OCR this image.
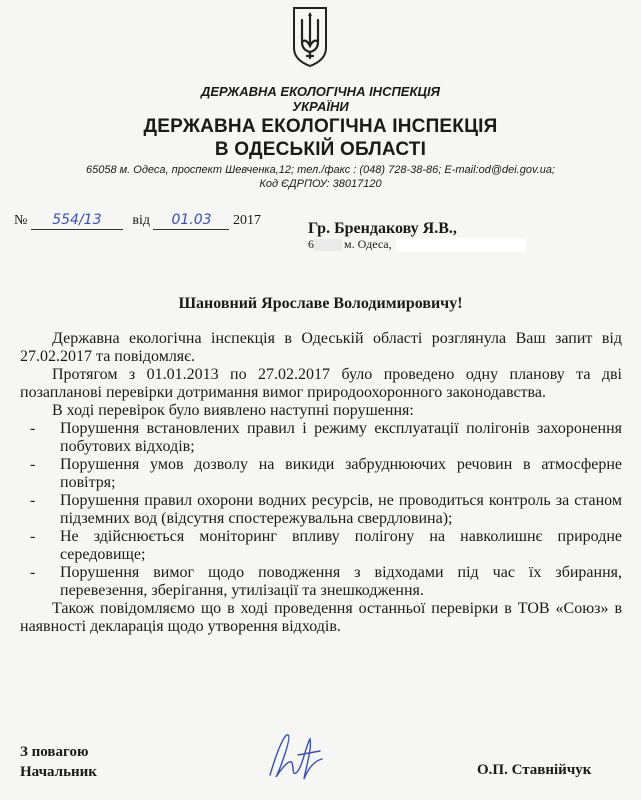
ДЕРЖАВНА ЕКОЛОГІЧНА ІНСПЕКЦІЯ
УКРАЇНИ
ДЕРЖАВНА ЕКОЛОГІЧНА ІНСПЕКЦІЯ
В ОДЕСЬКІЙ ОБЛАСТІ
65058 м. Одеса, проспект Шевченка,12; тел./факс : (048) 728-38-86; E-mail:od@dei.gov.ua;
Код ЄДРПОУ: 38017120
№ 554/13 від 01.03 2017	Гр. Брендакову Я.В.,
6	м. Одеса,
Шановний Ярославе Володимировичу!

Державна екологічна інспекція в Одеській області розглянула Ваш запит від 27.02.2017 та повідомляє.

Протягом з 01.01.2013 по 27.02.2017 було проведено одну планову та дві позапланові перевірки дотримання вимог природоохоронного законодавства.

В ході перевірок було виявлено наступні порушення:

- Порушення встановлених правил і режиму експлуатації полігонів захоронення побутових відходів;
- Порушення умов дозволу на викиди забруднюючих речовин в атмосферне повітря;
- Порушення правил охорони водних ресурсів, не проводиться контроль за станом підземних вод (відсутня спостережувальна свердловина);
- Не здійснюється моніторинг впливу полігону на навколишнє природне середовище;
- Порушення вимог щодо поводження з відходами під час їх збирання, перевезення, зберігання, утилізації та знешкодження.

Також повідомляємо що в ході проведення останньої перевірки в ТОВ «Союз» в наявності декларація щодо утворення відходів.

З повагою
Начальник	О.П. Ставнійчук
